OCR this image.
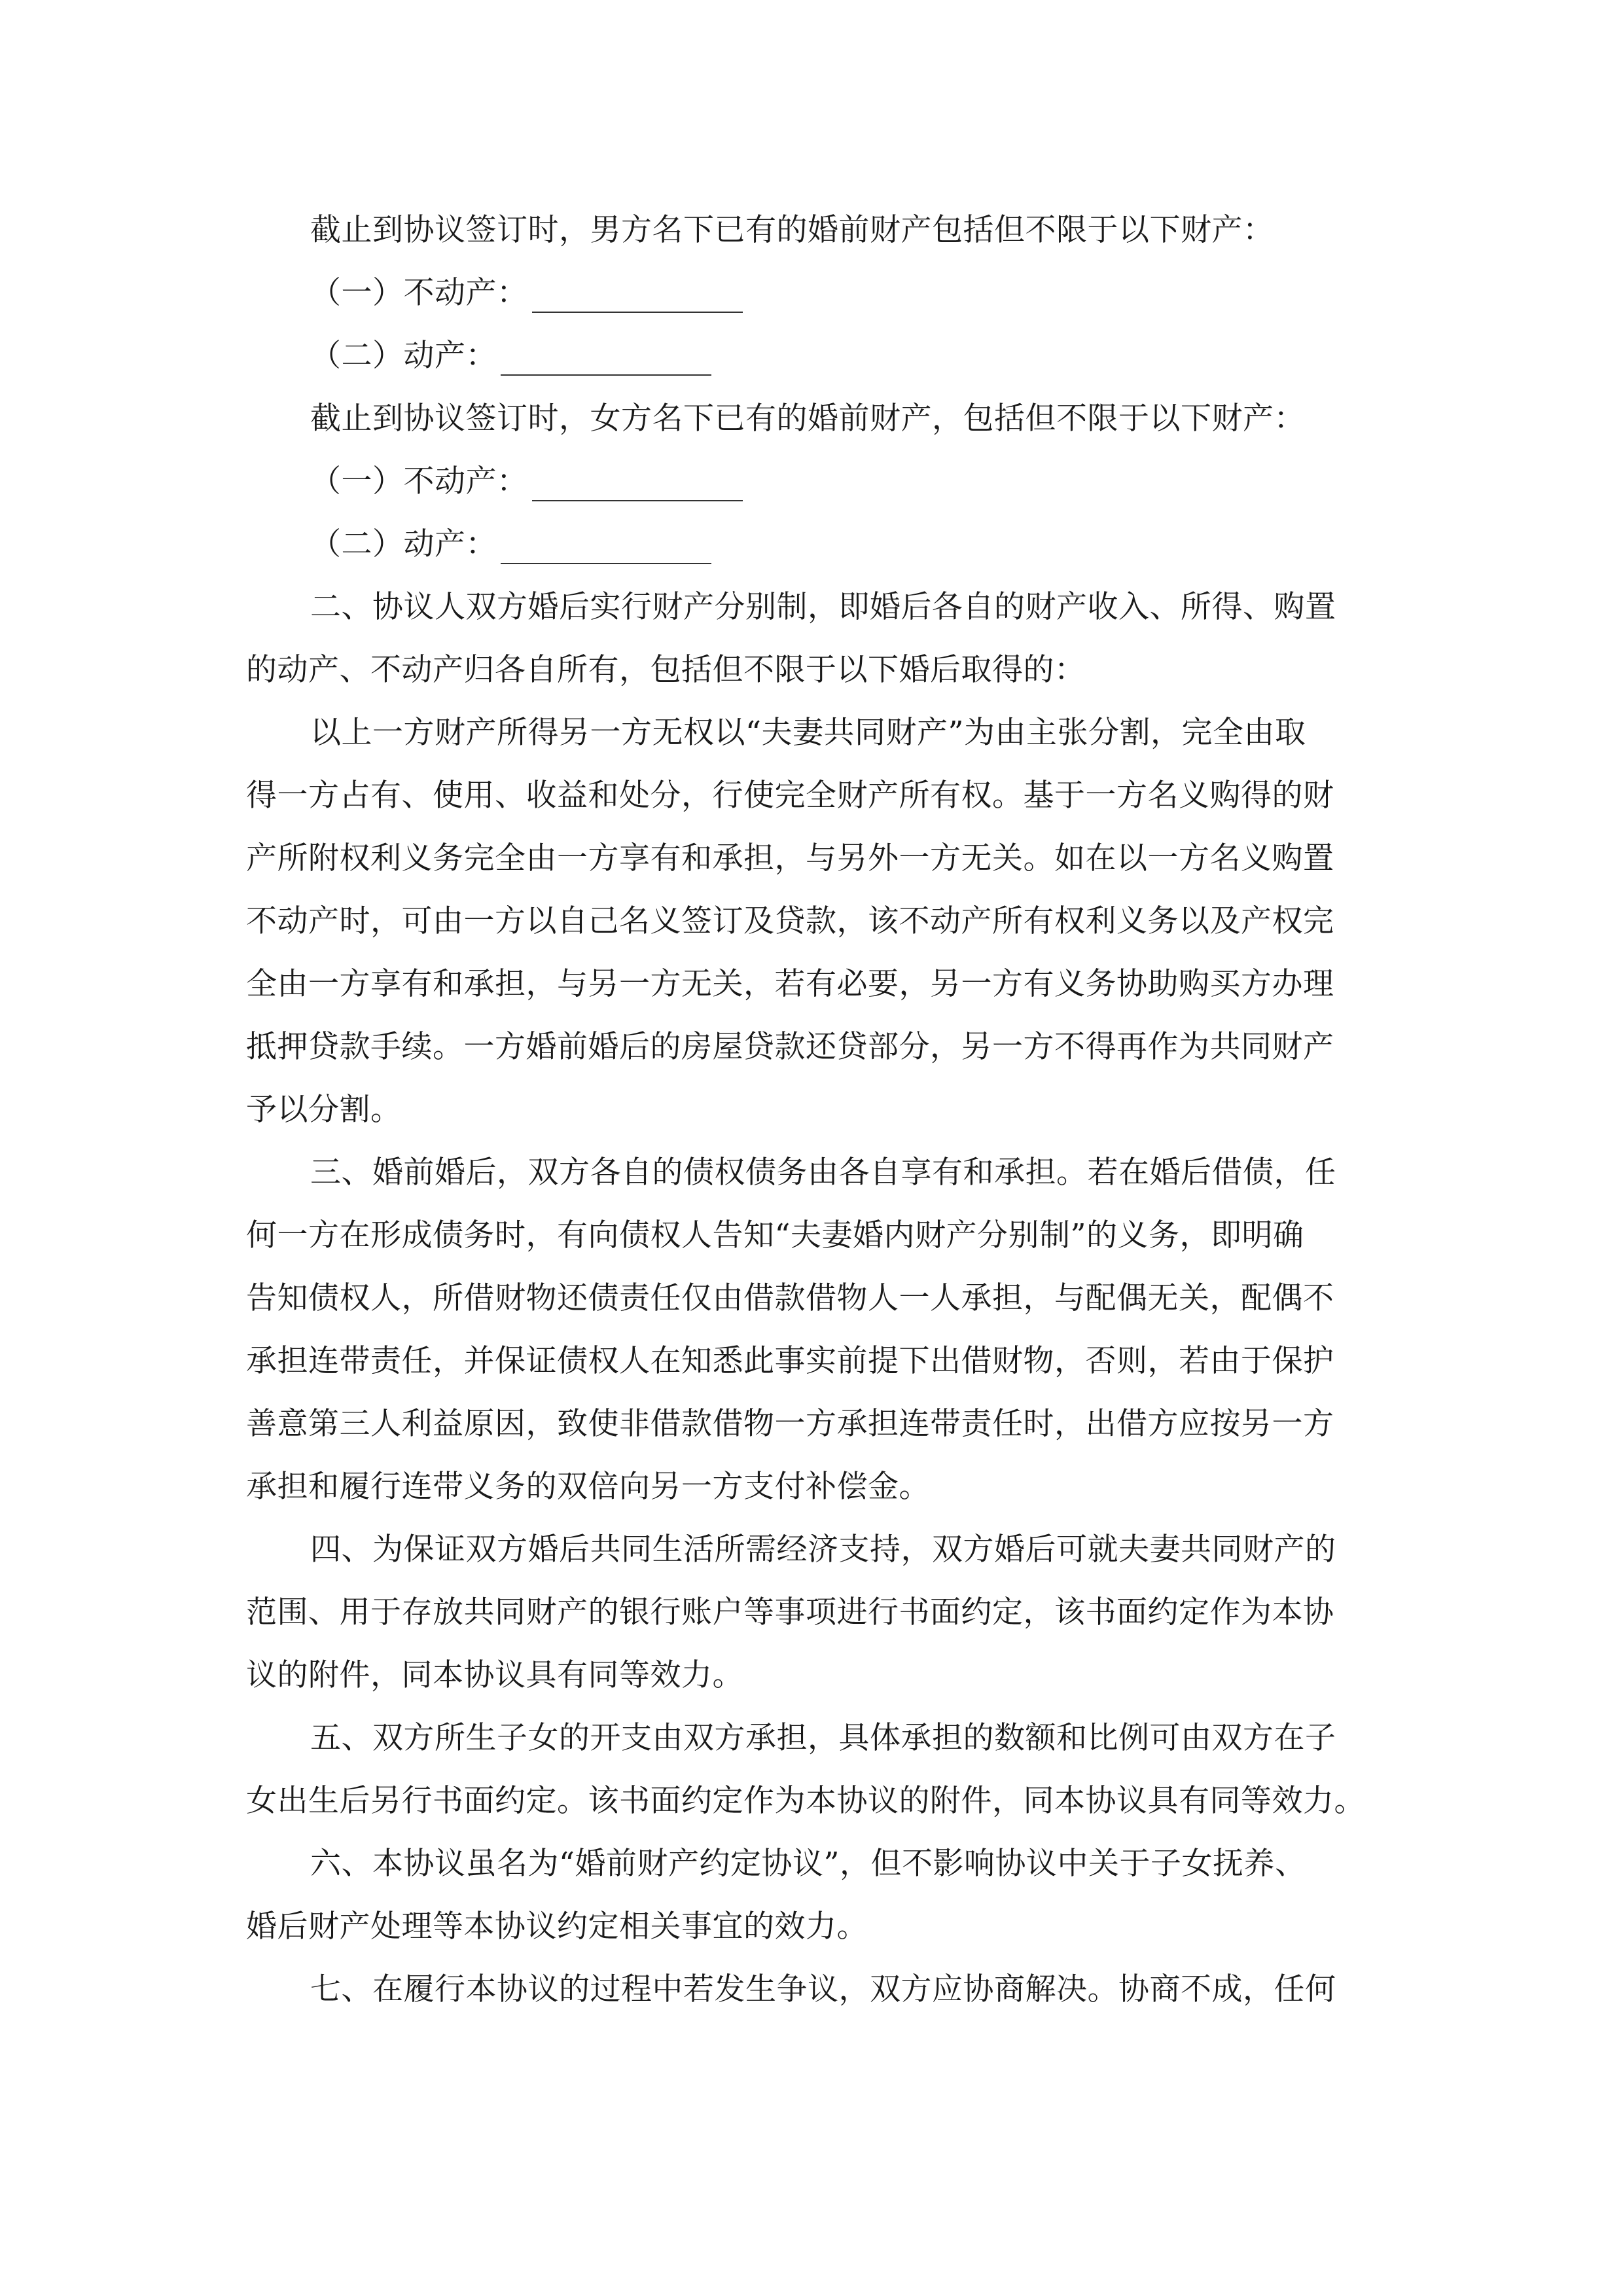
截止到协议签订时，男方名下已有的婚前财产包括但不限于以下财产：
（一）不动产：
（二）动产：
截止到协议签订时，女方名下已有的婚前财产，包括但不限于以下财产：
（一）不动产：
（二）动产：
二、协议人双方婚后实行财产分别制，即婚后各自的财产收入、所得、购置
的动产、不动产归各自所有，包括但不限于以下婚后取得的：
以上一方财产所得另一方无权以“夫妻共同财产”为由主张分割，完全由取
得一方占有、使用、收益和处分，行使完全财产所有权。基于一方名义购得的财
产所附权利义务完全由一方享有和承担，与另外一方无关。如在以一方名义购置
不动产时，可由一方以自己名义签订及贷款，该不动产所有权利义务以及产权完
全由一方享有和承担，与另一方无关，若有必要，另一方有义务协助购买方办理
抵押贷款手续。一方婚前婚后的房屋贷款还贷部分，另一方不得再作为共同财产
予以分割。
三、婚前婚后，双方各自的债权债务由各自享有和承担。若在婚后借债，任
何一方在形成债务时，有向债权人告知“夫妻婚内财产分别制”的义务，即明确
告知债权人，所借财物还债责任仅由借款借物人一人承担，与配偶无关，配偶不
承担连带责任，并保证债权人在知悉此事实前提下出借财物，否则，若由于保护
善意第三人利益原因，致使非借款借物一方承担连带责任时，出借方应按另一方
承担和履行连带义务的双倍向另一方支付补偿金。
四、为保证双方婚后共同生活所需经济支持，双方婚后可就夫妻共同财产的
范围、用于存放共同财产的银行账户等事项进行书面约定，该书面约定作为本协
议的附件，同本协议具有同等效力。
五、双方所生子女的开支由双方承担，具体承担的数额和比例可由双方在子
女出生后另行书面约定。该书面约定作为本协议的附件，同本协议具有同等效力。
六、本协议虽名为“婚前财产约定协议”，但不影响协议中关于子女抚养、
婚后财产处理等本协议约定相关事宜的效力。
七、在履行本协议的过程中若发生争议，双方应协商解决。协商不成，任何
